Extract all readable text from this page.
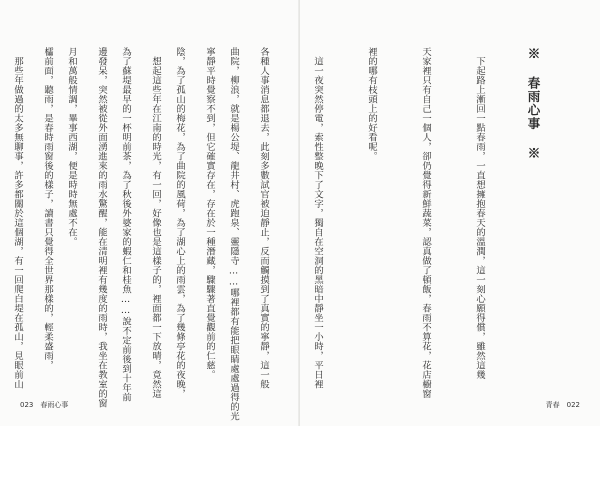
曲院，柳浪，就是楊公堤、龍井村、虎跑泉、靈隱寺……哪裡都有能把眼睛處處過得的光

陰，為了孤山的梅花，為了曲院的風荷，為了湖心上的雨雲，為了幾條亭花的夜晚，

為了蘇堤最早的一杯明前茶，為了秋後外婆家的蝦仁和桂魚……說不定前後到十年前

月和萬般情調，畢事西湖，便是時時無處不在。

　那些年做過的太多無聊事，許多都關於這個湖，有一回爬白堤在孤山，見眼前山

023　春雨心事

※ 春雨心事 ※

　下起路上漸回一點春雨，一直想擁抱春天的溫潤，這一刻心願得償，雖然這幾

天家裡只有自己一個人，卻仍覺得新鮮蔬菜，認真做了頓飯，春雨不算花，花店櫥窗

裡的哪有枝頭上的好看呢。

　這一夜突然停電，索性整晚下了文字，獨自在空洞的黑暗中靜坐一小時，平日裡

各種人事消息都退去，此刻多數試官被迫靜止，反而觸摸到了真實的寧靜，這一般

寧靜平時覺察不到，但它確實存在，存在於一種潛藏，驟驟著直覺觀前的仁慈。

　想起這些年在江南的時光，有一回，好像也是這樣子的，裡面都一下放晴，竟然這

邊發呆，突然被從外面湧進來的雨水驚醒，能在清明裡有幾度的雨時，我坐在教室的窗

櫺前面，聽雨，是春時雨窗後的樣子，讀書只覺得全世界那樣的，輕柔盛雨，

青春　022
